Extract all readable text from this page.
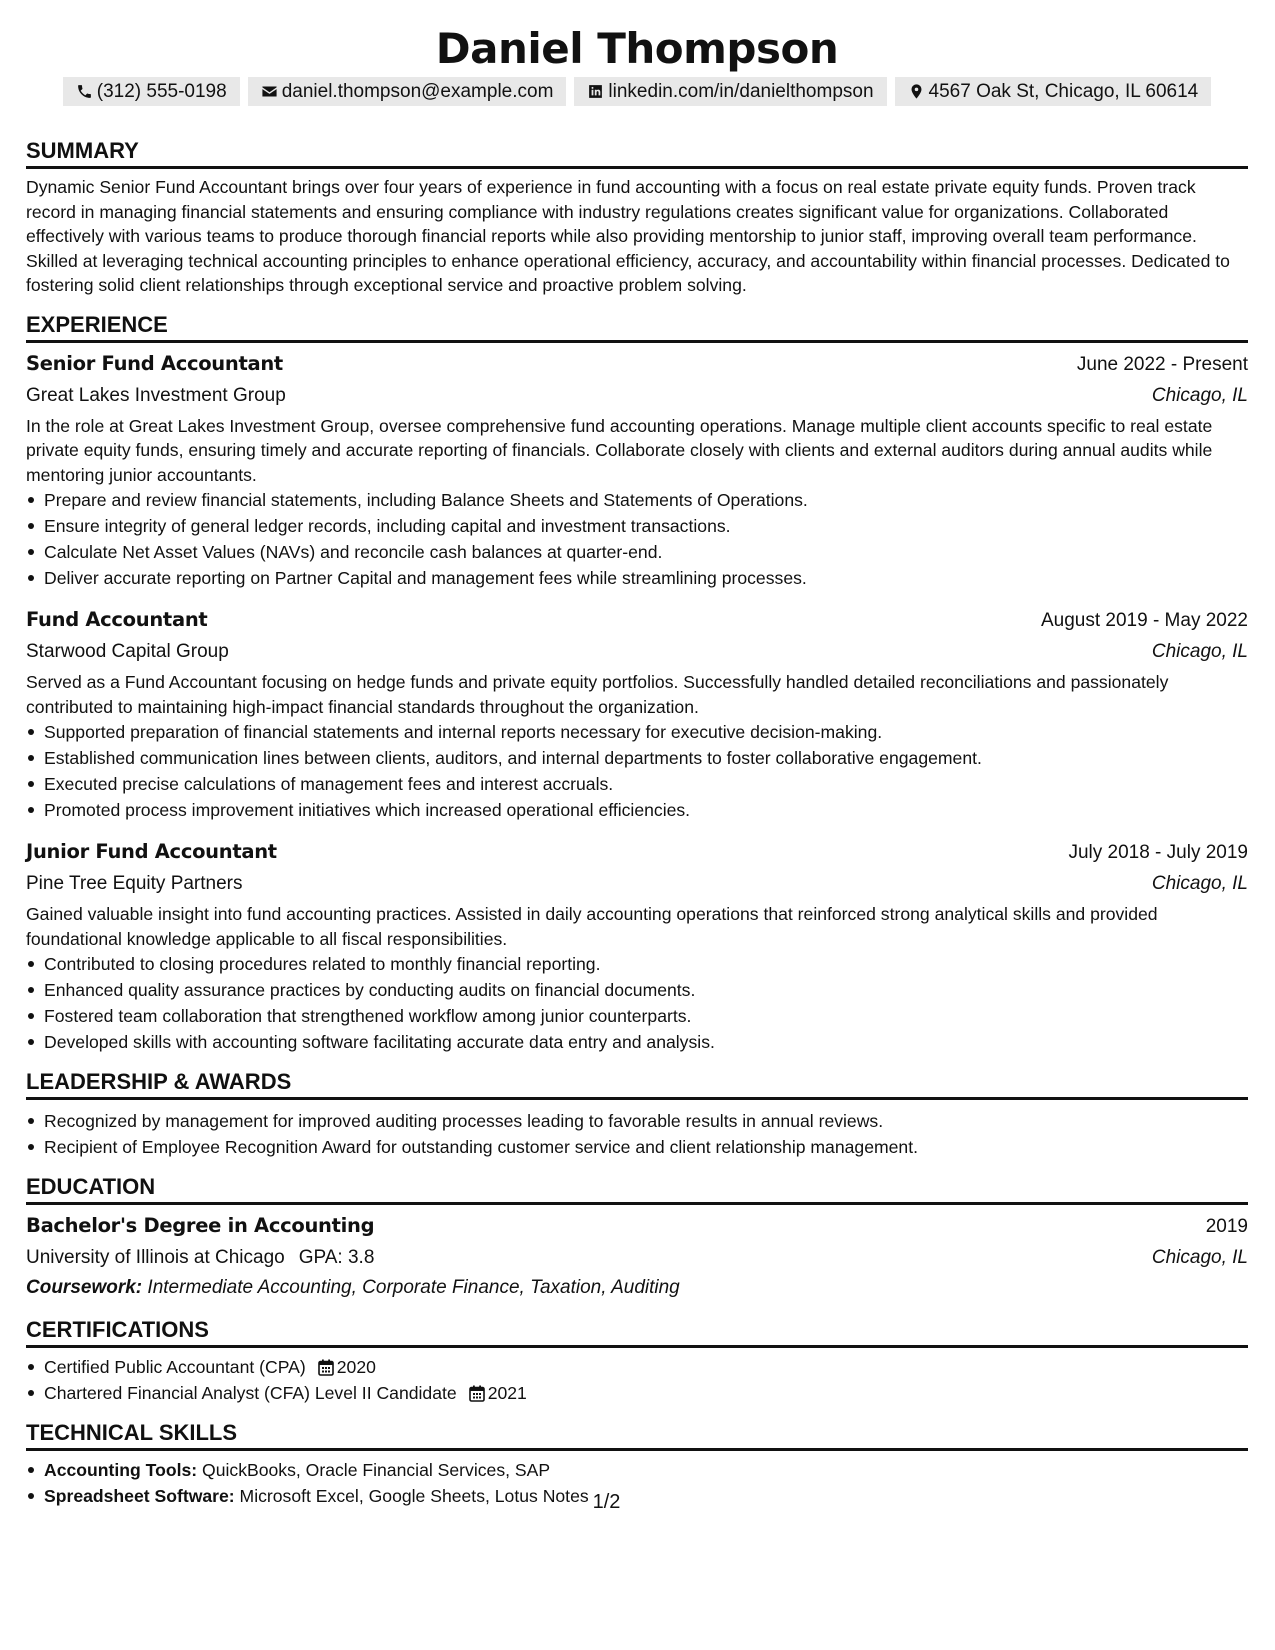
Daniel Thompson
(312) 555-0198	daniel.thompson@example.com	linkedin.com/in/danielthompson	4567 Oak St, Chicago, IL 60614
SUMMARY

Dynamic Senior Fund Accountant brings over four years of experience in fund accounting with a focus on real estate private equity funds. Proven track record in managing financial statements and ensuring compliance with industry regulations creates significant value for organizations. Collaborated effectively with various teams to produce thorough financial reports while also providing mentorship to junior staff, improving overall team performance. Skilled at leveraging technical accounting principles to enhance operational efficiency, accuracy, and accountability within financial processes. Dedicated to fostering solid client relationships through exceptional service and proactive problem solving.

EXPERIENCE
Senior Fund Accountant	June 2022 - Present
Great Lakes Investment Group	Chicago, IL

In the role at Great Lakes Investment Group, oversee comprehensive fund accounting operations. Manage multiple client accounts specific to real estate private equity funds, ensuring timely and accurate reporting of financials. Collaborate closely with clients and external auditors during annual audits while mentoring junior accountants.

Prepare and review financial statements, including Balance Sheets and Statements of Operations.
Ensure integrity of general ledger records, including capital and investment transactions.
Calculate Net Asset Values (NAVs) and reconcile cash balances at quarter-end.
Deliver accurate reporting on Partner Capital and management fees while streamlining processes.
Fund Accountant	August 2019 - May 2022
Starwood Capital Group	Chicago, IL

Served as a Fund Accountant focusing on hedge funds and private equity portfolios. Successfully handled detailed reconciliations and passionately contributed to maintaining high-impact financial standards throughout the organization.

Supported preparation of financial statements and internal reports necessary for executive decision-making.
Established communication lines between clients, auditors, and internal departments to foster collaborative engagement.
Executed precise calculations of management fees and interest accruals.
Promoted process improvement initiatives which increased operational efficiencies.
Junior Fund Accountant	July 2018 - July 2019
Pine Tree Equity Partners	Chicago, IL

Gained valuable insight into fund accounting practices. Assisted in daily accounting operations that reinforced strong analytical skills and provided foundational knowledge applicable to all fiscal responsibilities.

Contributed to closing procedures related to monthly financial reporting.
Enhanced quality assurance practices by conducting audits on financial documents.
Fostered team collaboration that strengthened workflow among junior counterparts.
Developed skills with accounting software facilitating accurate data entry and analysis.
LEADERSHIP & AWARDS
Recognized by management for improved auditing processes leading to favorable results in annual reviews.
Recipient of Employee Recognition Award for outstanding customer service and client relationship management.
EDUCATION
Bachelor's Degree in Accounting	2019
University of Illinois at Chicago GPA: 3.8	Chicago, IL
Coursework: Intermediate Accounting, Corporate Finance, Taxation, Auditing
CERTIFICATIONS
Certified Public Accountant (CPA) 2020
Chartered Financial Analyst (CFA) Level II Candidate 2021
TECHNICAL SKILLS
Accounting Tools: QuickBooks, Oracle Financial Services, SAP
Spreadsheet Software: Microsoft Excel, Google Sheets, Lotus Notes 1/2
